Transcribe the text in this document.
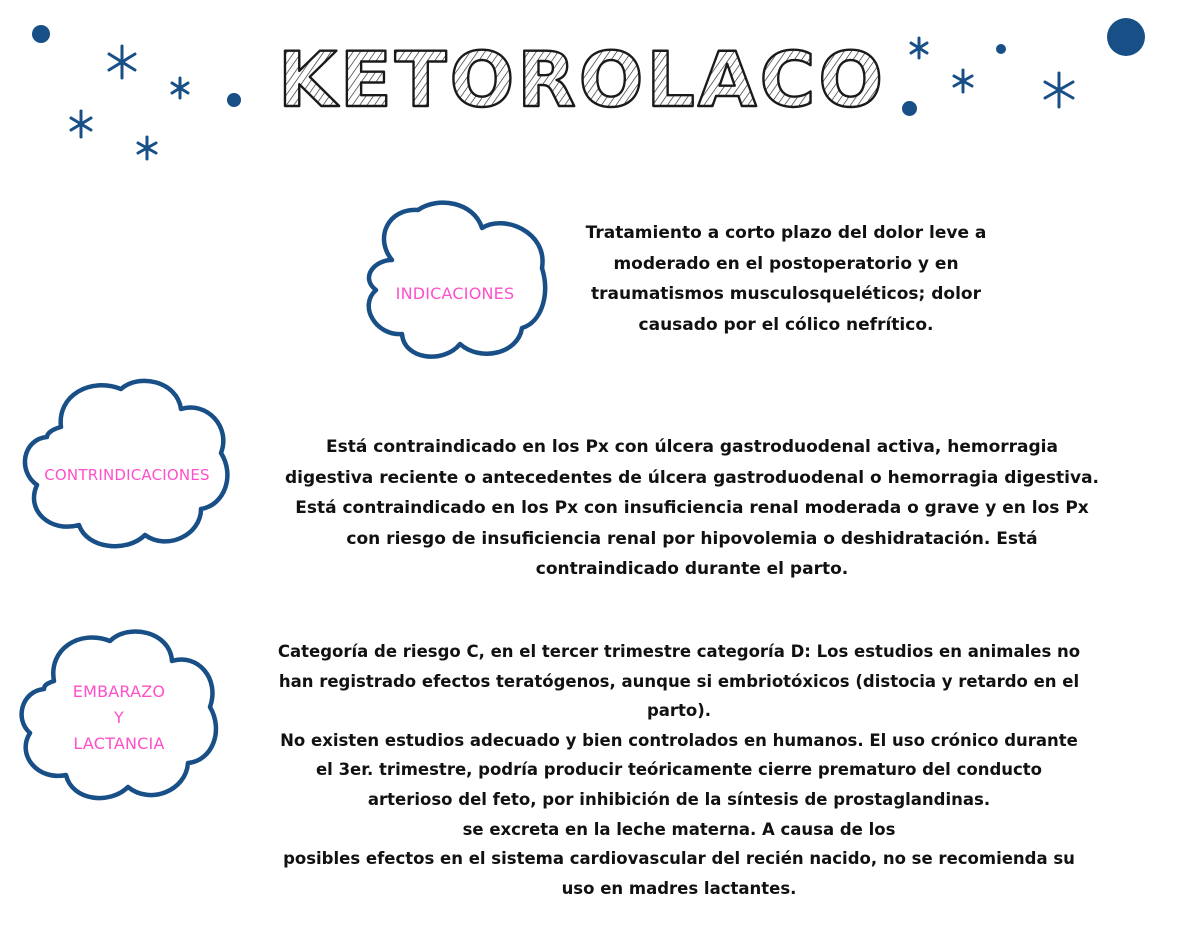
KETOROLACO
INDICACIONES
Tratamiento a corto plazo del dolor leve a
moderado en el postoperatorio y en
traumatismos musculosqueléticos; dolor
causado por el cólico nefrítico.
CONTRINDICACIONES
Está contraindicado en los Px con úlcera gastroduodenal activa, hemorragia
digestiva reciente o antecedentes de úlcera gastroduodenal o hemorragia digestiva.
Está contraindicado en los Px con insuficiencia renal moderada o grave y en los Px
con riesgo de insuficiencia renal por hipovolemia o deshidratación. Está
contraindicado durante el parto.
EMBARAZO
Y
LACTANCIA
Categoría de riesgo C, en el tercer trimestre categoría D: Los estudios en animales no
han registrado efectos teratógenos, aunque si embriotóxicos (distocia y retardo en el
parto).
No existen estudios adecuado y bien controlados en humanos. El uso crónico durante
el 3er. trimestre, podría producir teóricamente cierre prematuro del conducto
arterioso del feto, por inhibición de la síntesis de prostaglandinas.
se excreta en la leche materna. A causa de los
posibles efectos en el sistema cardiovascular del recién nacido, no se recomienda su
uso en madres lactantes.
